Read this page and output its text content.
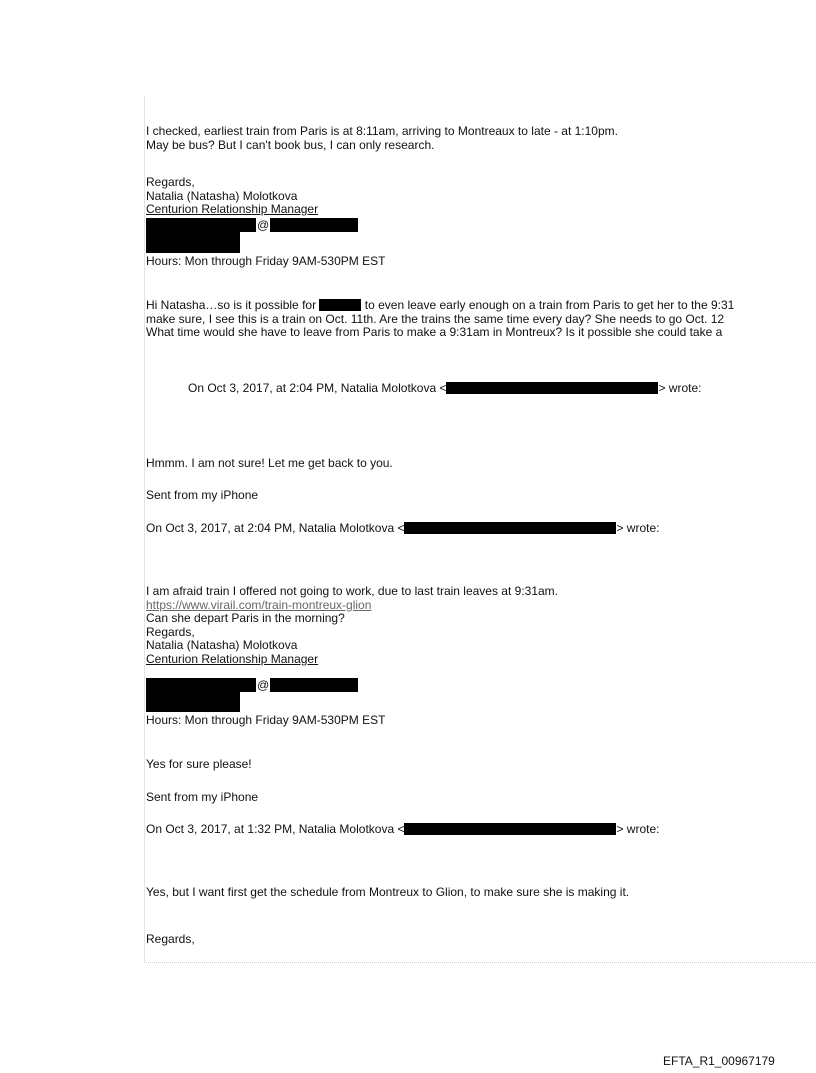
I checked, earliest train from Paris is at 8:11am, arriving to Montreaux to late - at 1:10pm.
May be bus? But I can't book bus, I can only research.
Regards,
Natalia (Natasha) Molotkova
Centurion Relationship Manager
@
Hours: Mon through Friday 9AM-530PM EST
Hi Natasha…so is it possible for	to even leave early enough on a train from Paris to get her to the 9:31
make sure, I see this is a train on Oct. 11th. Are the trains the same time every day? She needs to go Oct. 12
What time would she have to leave from Paris to make a 9:31am in Montreux? Is it possible she could take a
On Oct 3, 2017, at 2:04 PM, Natalia Molotkova <	> wrote:
Hmmm. I am not sure! Let me get back to you.
Sent from my iPhone
On Oct 3, 2017, at 2:04 PM, Natalia Molotkova <	> wrote:
I am afraid train I offered not going to work, due to last train leaves at 9:31am.
https://www.virail.com/train-montreux-glion
Can she depart Paris in the morning?
Regards,
Natalia (Natasha) Molotkova
Centurion Relationship Manager
@
Hours: Mon through Friday 9AM-530PM EST
Yes for sure please!
Sent from my iPhone
On Oct 3, 2017, at 1:32 PM, Natalia Molotkova <	> wrote:
Yes, but I want first get the schedule from Montreux to Glion, to make sure she is making it.
Regards,
EFTA_R1_00967179
